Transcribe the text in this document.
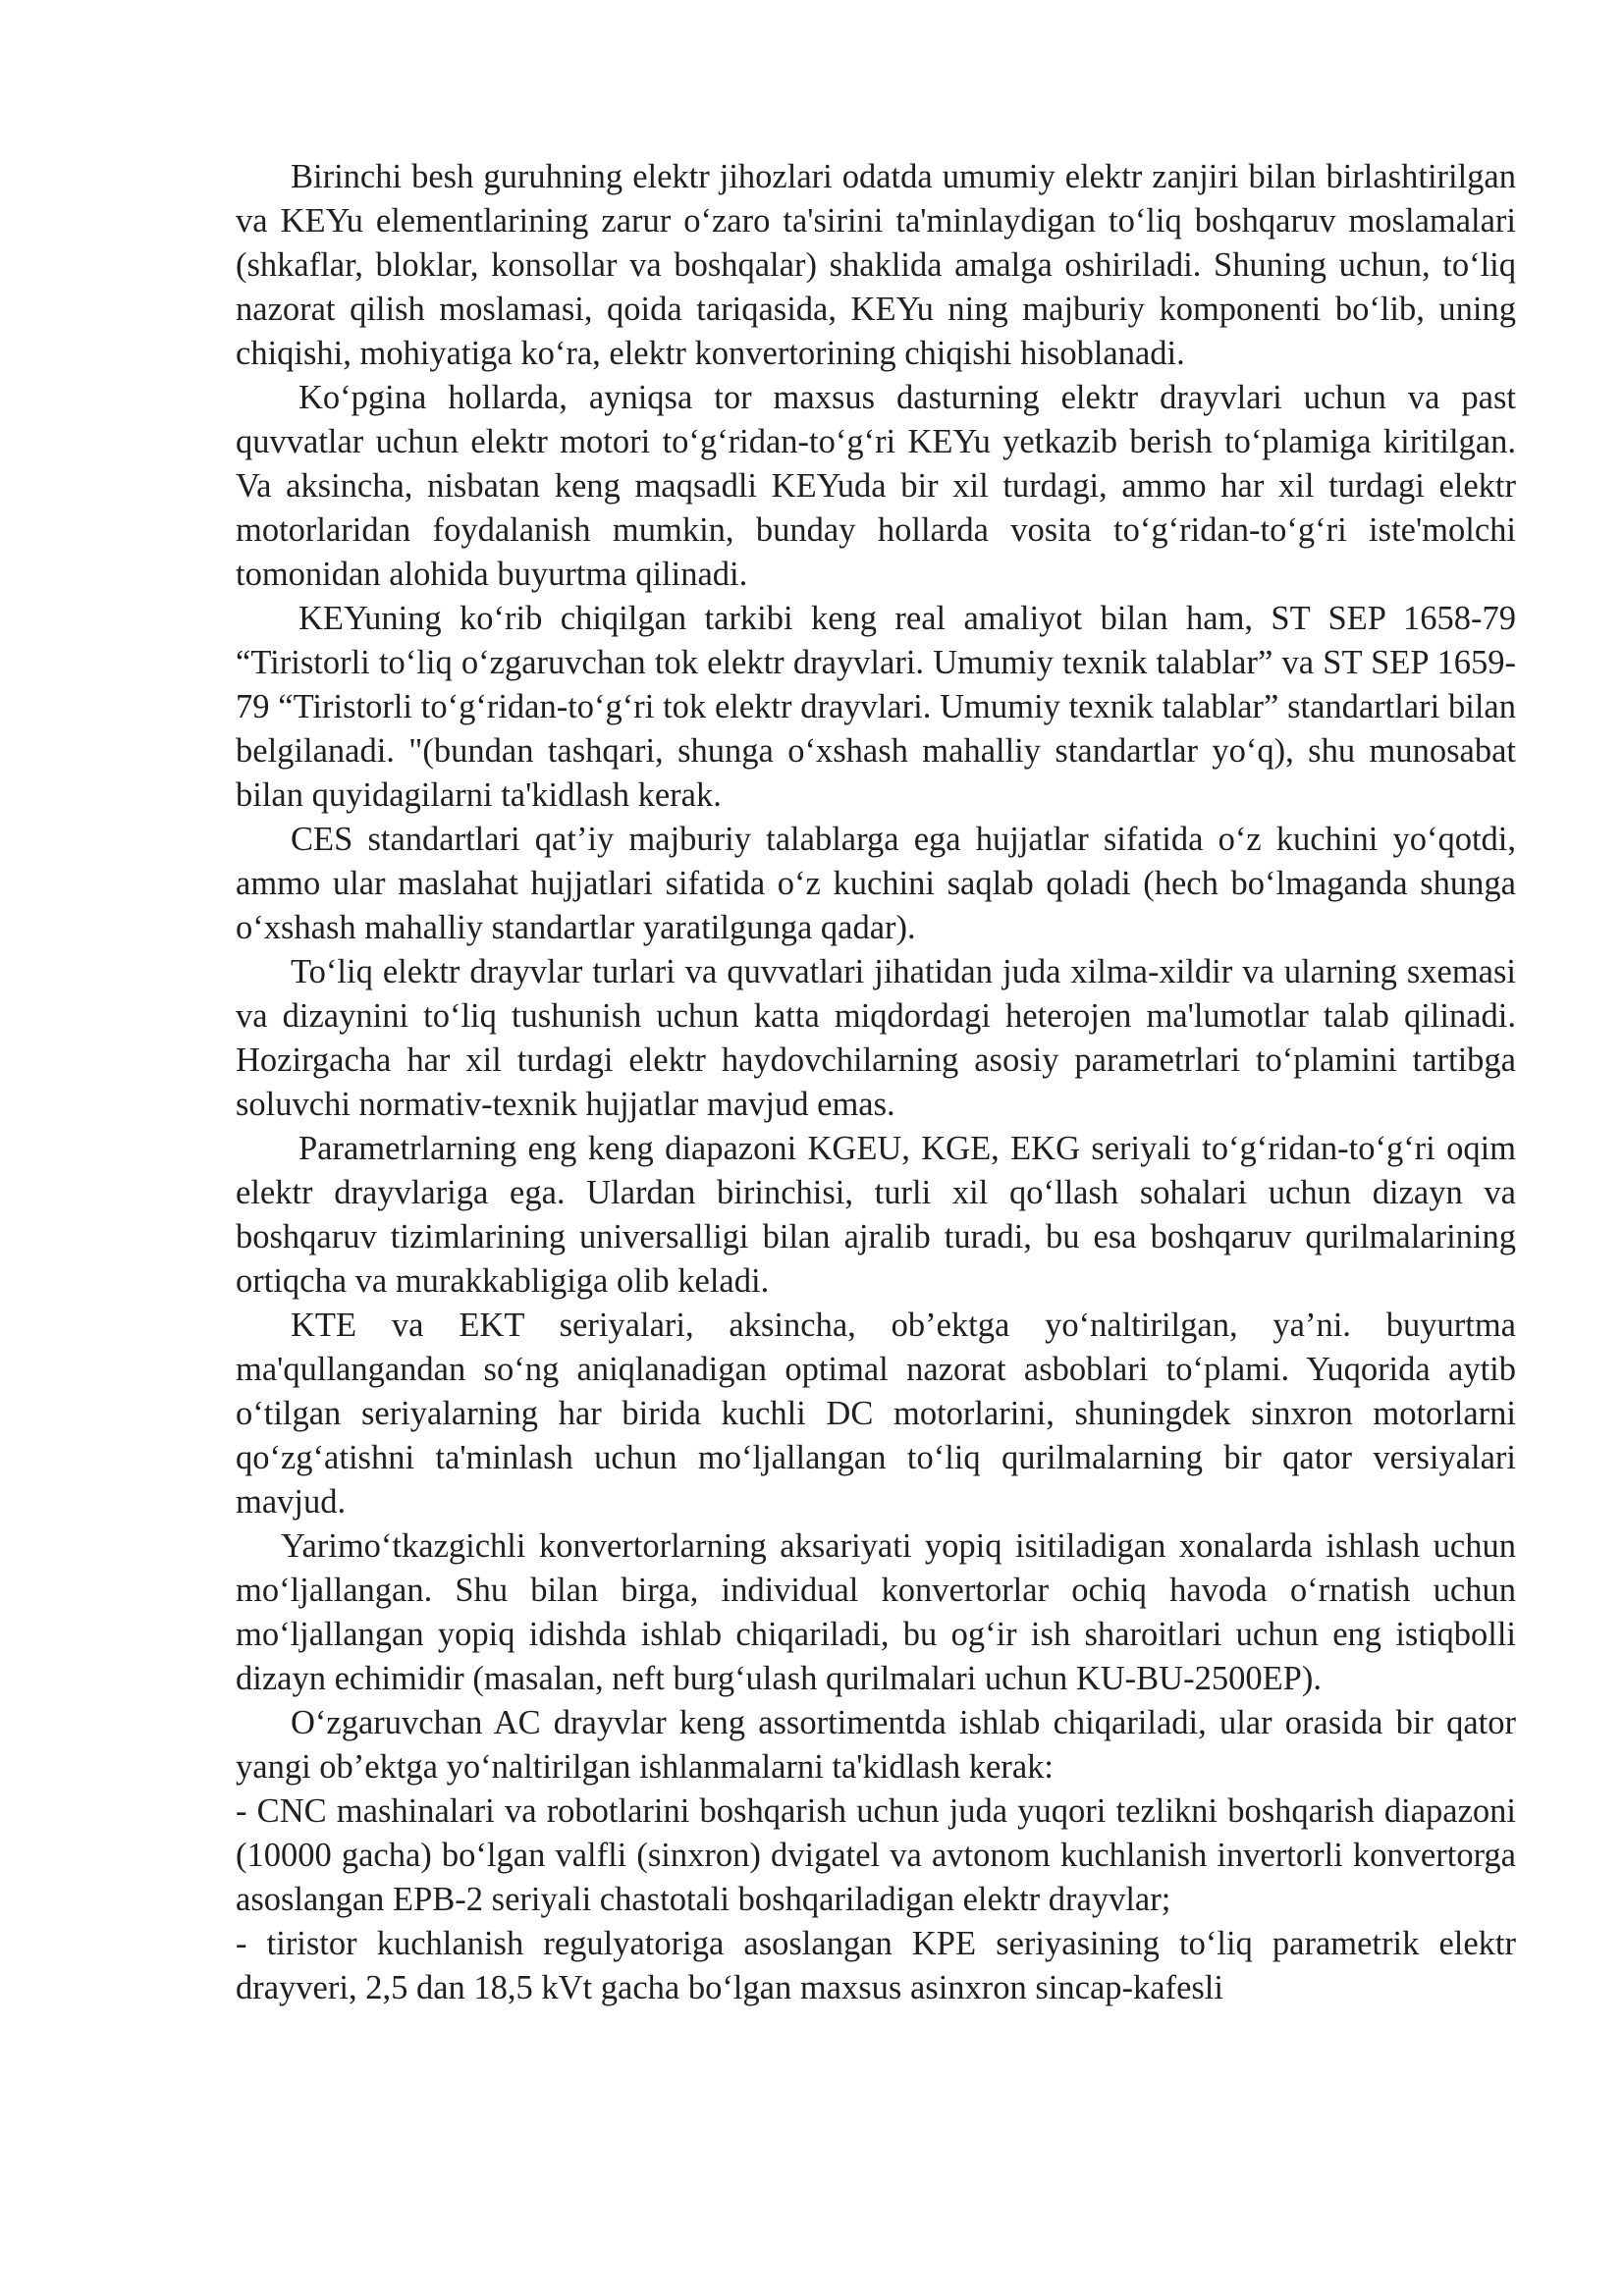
Birinchi besh guruhning elektr jihozlari odatda umumiy elektr zanjiri bilan birlashtirilgan va KEYu elementlarining zarur o‘zaro ta'sirini ta'minlaydigan to‘liq boshqaruv moslamalari (shkaflar, bloklar, konsollar va boshqalar) shaklida amalga oshiriladi. Shuning uchun, to‘liq nazorat qilish moslamasi, qoida tariqasida, KEYu ning majburiy komponenti bo‘lib, uning chiqishi, mohiyatiga ko‘ra, elektr konvertorining chiqishi hisoblanadi.

Ko‘pgina hollarda, ayniqsa tor maxsus dasturning elektr drayvlari uchun va past quvvatlar uchun elektr motori to‘g‘ridan-to‘g‘ri KEYu yetkazib berish to‘plamiga kiritilgan. Va aksincha, nisbatan keng maqsadli KEYuda bir xil turdagi, ammo har xil turdagi elektr motorlaridan foydalanish mumkin, bunday hollarda vosita to‘g‘ridan-to‘g‘ri iste'molchi tomonidan alohida buyurtma qilinadi.

KEYuning ko‘rib chiqilgan tarkibi keng real amaliyot bilan ham, ST SEP 1658-79 “Tiristorli to‘liq o‘zgaruvchan tok elektr drayvlari. Umumiy texnik talablar” va ST SEP 1659-79 “Tiristorli to‘g‘ridan-to‘g‘ri tok elektr drayvlari. Umumiy texnik talablar” standartlari bilan belgilanadi. "(bundan tashqari, shunga o‘xshash mahalliy standartlar yo‘q), shu munosabat bilan quyidagilarni ta'kidlash kerak.

CES standartlari qat’iy majburiy talablarga ega hujjatlar sifatida o‘z kuchini yo‘qotdi, ammo ular maslahat hujjatlari sifatida o‘z kuchini saqlab qoladi (hech bo‘lmaganda shunga o‘xshash mahalliy standartlar yaratilgunga qadar).

To‘liq elektr drayvlar turlari va quvvatlari jihatidan juda xilma-xildir va ularning sxemasi va dizaynini to‘liq tushunish uchun katta miqdordagi heterojen ma'lumotlar talab qilinadi. Hozirgacha har xil turdagi elektr haydovchilarning asosiy parametrlari to‘plamini tartibga soluvchi normativ-texnik hujjatlar mavjud emas.

Parametrlarning eng keng diapazoni KGEU, KGE, EKG seriyali to‘g‘ridan-to‘g‘ri oqim elektr drayvlariga ega. Ulardan birinchisi, turli xil qo‘llash sohalari uchun dizayn va boshqaruv tizimlarining universalligi bilan ajralib turadi, bu esa boshqaruv qurilmalarining ortiqcha va murakkabligiga olib keladi.

KTE va EKT seriyalari, aksincha, ob’ektga yo‘naltirilgan, ya’ni. buyurtma ma'qullangandan so‘ng aniqlanadigan optimal nazorat asboblari to‘plami. Yuqorida aytib o‘tilgan seriyalarning har birida kuchli DC motorlarini, shuningdek sinxron motorlarni qo‘zg‘atishni ta'minlash uchun mo‘ljallangan to‘liq qurilmalarning bir qator versiyalari mavjud.

Yarimo‘tkazgichli konvertorlarning aksariyati yopiq isitiladigan xonalarda ishlash uchun mo‘ljallangan. Shu bilan birga, individual konvertorlar ochiq havoda o‘rnatish uchun mo‘ljallangan yopiq idishda ishlab chiqariladi, bu og‘ir ish sharoitlari uchun eng istiqbolli dizayn echimidir (masalan, neft burg‘ulash qurilmalari uchun KU-BU-2500EP).

O‘zgaruvchan AC drayvlar keng assortimentda ishlab chiqariladi, ular orasida bir qator yangi ob’ektga yo‘naltirilgan ishlanmalarni ta'kidlash kerak:

- CNC mashinalari va robotlarini boshqarish uchun juda yuqori tezlikni boshqarish diapazoni (10000 gacha) bo‘lgan valfli (sinxron) dvigatel va avtonom kuchlanish invertorli konvertorga asoslangan EPB-2 seriyali chastotali boshqariladigan elektr drayvlar;

- tiristor kuchlanish regulyatoriga asoslangan KPE seriyasining to‘liq parametrik elektr drayveri, 2,5 dan 18,5 kVt gacha bo‘lgan maxsus asinxron sincap-kafesli
